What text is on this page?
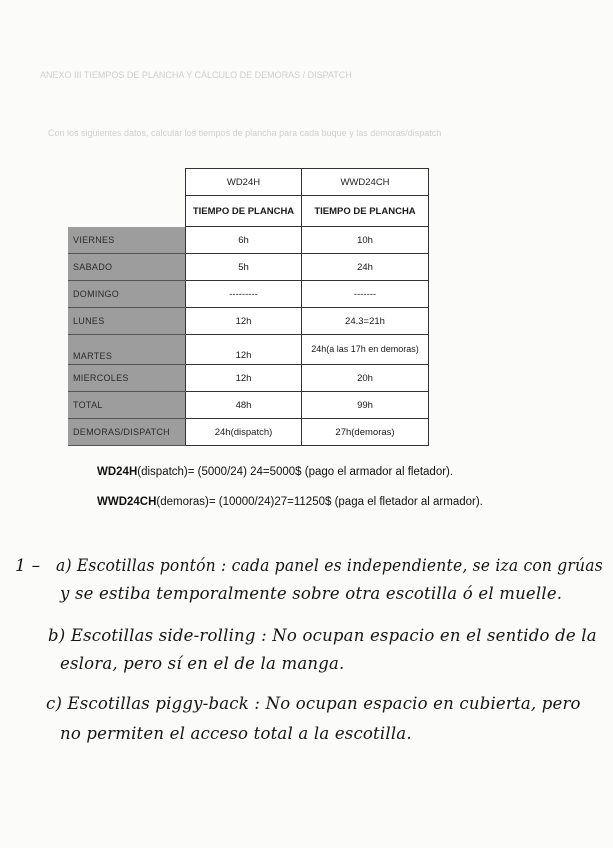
ANEXO III TIEMPOS DE PLANCHA Y CÁLCULO DE DEMORAS / DISPATCH
Con los siguientes datos, calcular los tiempos de plancha para cada buque y las demoras/dispatch
	WD24H	WWD24CH
	TIEMPO DE PLANCHA	TIEMPO DE PLANCHA
VIERNES	6h	10h
SABADO	5h	24h
DOMINGO	---------	-------
LUNES	12h	24.3=21h
MARTES	12h	24h(a las 17h en demoras)
MIERCOLES	12h	20h
TOTAL	48h	99h
DEMORAS/DISPATCH	24h(dispatch)	27h(demoras)
WD24H(dispatch)= (5000/24) 24=5000$ (pago el armador al fletador).
WWD24CH(demoras)= (10000/24)27=11250$ (paga el fletador al armador).
1 – a) Escotillas pontón : cada panel es independiente, se iza con grúas
y se estiba temporalmente sobre otra escotilla ó el muelle.
b) Escotillas side-rolling : No ocupan espacio en el sentido de la
eslora, pero sí en el de la manga.
c) Escotillas piggy-back : No ocupan espacio en cubierta, pero
no permiten el acceso total a la escotilla.
